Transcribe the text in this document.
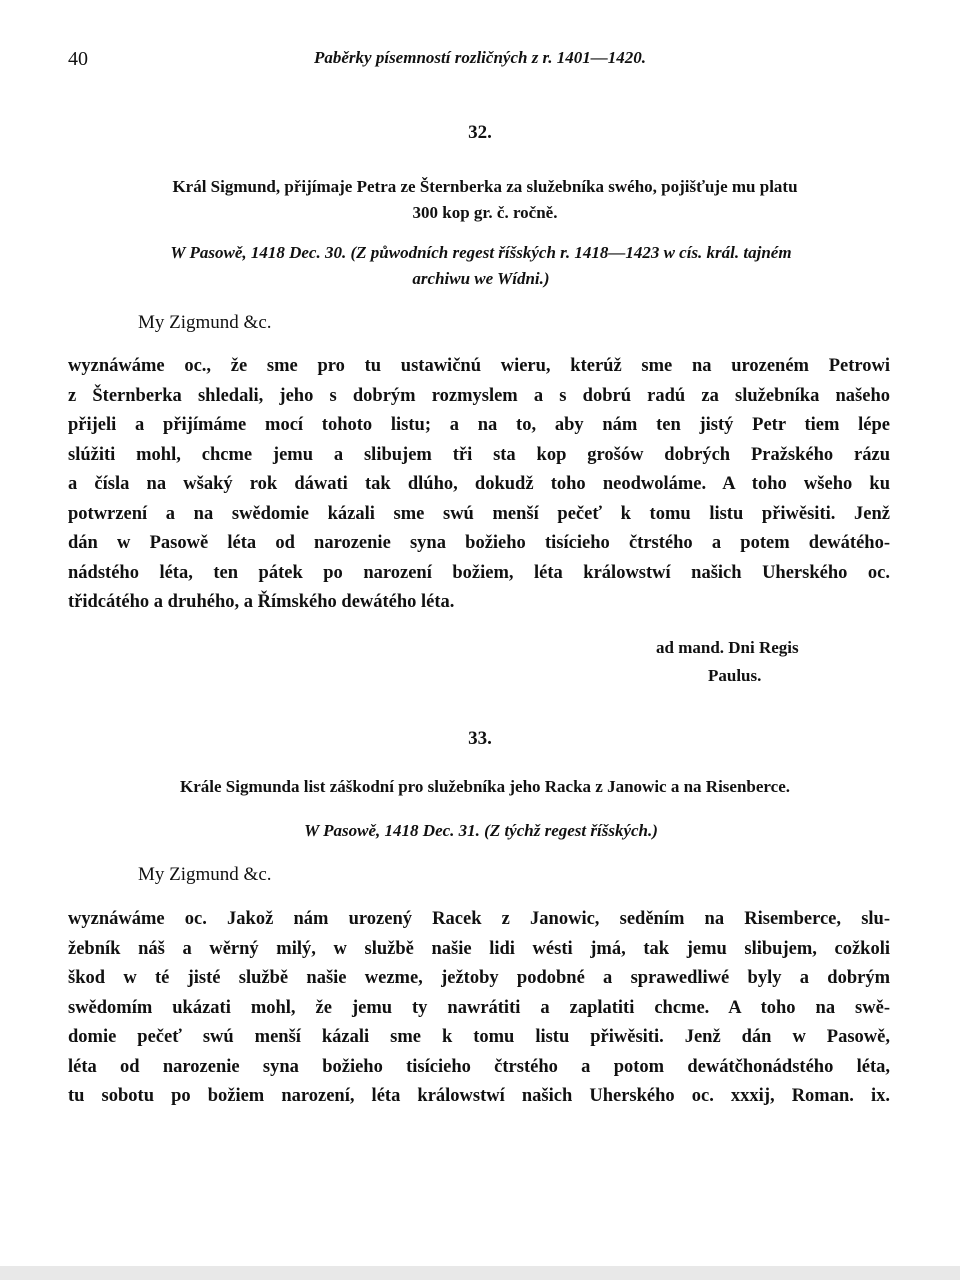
40	Paběrky písemností rozličných z r. 1401—1420.
32.
Král Sigmund, přijímaje Petra ze Šternberka za služebníka swého, pojišťuje mu platu
300 kop gr. č. ročně.
W Pasowě, 1418 Dec. 30. (Z půwodních regest říšských r. 1418—1423 w cís. král. tajném
archiwu we Wídni.)
My Zigmund &c.
wyznáwáme oc., že sme pro tu ustawičnú wieru, kterúž sme na urozeném Petrowi
z Šternberka shledali, jeho s dobrým rozmyslem a s dobrú radú za služebníka našeho
přijeli a přijímáme mocí tohoto listu; a na to, aby nám ten jistý Petr tiem lépe
slúžiti mohl, chcme jemu a slibujem tři sta kop grošów dobrých Pražského rázu
a čísla na wšaký rok dáwati tak dlúho, dokudž toho neodwoláme. A toho wšeho ku
potwrzení a na swědomie kázali sme swú menší pečeť k tomu listu přiwěsiti. Jenž
dán w Pasowě léta od narozenie syna božieho tisícieho čtrstého a potem dewátého-
nádstého léta, ten pátek po narození božiem, léta králowstwí našich Uherského oc.
třidcátého a druhého, a Římského dewátého léta.
ad mand. Dni Regis
Paulus.
33.
Krále Sigmunda list záškodní pro služebníka jeho Racka z Janowic a na Risenberce.
W Pasowě, 1418 Dec. 31. (Z týchž regest říšských.)
My Zigmund &c.
wyznáwáme oc. Jakož nám urozený Racek z Janowic, seděním na Risemberce, slu-
žebník náš a wěrný milý, w službě našie lidi wésti jmá, tak jemu slibujem, cožkoli
škod w té jisté službě našie wezme, ježtoby podobné a sprawedliwé byly a dobrým
swědomím ukázati mohl, že jemu ty nawrátiti a zaplatiti chcme. A toho na swě-
domie pečeť swú menší kázali sme k tomu listu přiwěsiti. Jenž dán w Pasowě,
léta od narozenie syna božieho tisícieho čtrstého a potom dewátčhonádstého léta,
tu sobotu po božiem narození, léta králowstwí našich Uherského oc. xxxij, Roman. ix.
